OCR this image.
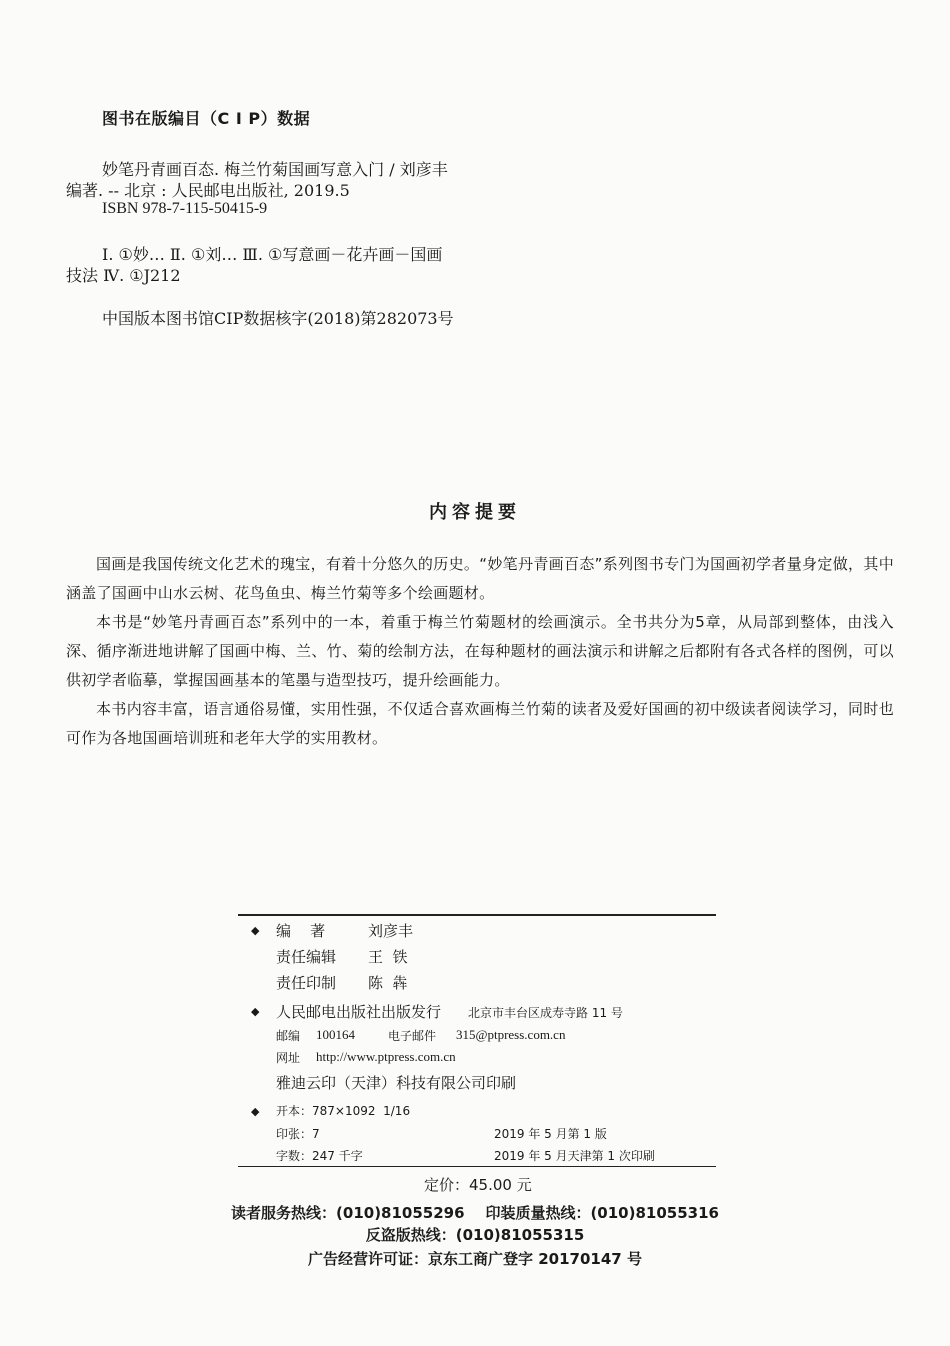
图书在版编目（C I P）数据
妙笔丹青画百态. 梅兰竹菊国画写意入门 / 刘彦丰
编著. -- 北京 : 人民邮电出版社, 2019.5
ISBN 978-7-115-50415-9
Ⅰ. ①妙… Ⅱ. ①刘… Ⅲ. ①写意画－花卉画－国画
技法 Ⅳ. ①J212
中国版本图书馆CIP数据核字(2018)第282073号
内容提要

国画是我国传统文化艺术的瑰宝，有着十分悠久的历史。“妙笔丹青画百态”系列图书专门为国画初学者量身定做，其中涵盖了国画中山水云树、花鸟鱼虫、梅兰竹菊等多个绘画题材。

本书是“妙笔丹青画百态”系列中的一本，着重于梅兰竹菊题材的绘画演示。全书共分为5章，从局部到整体，由浅入深、循序渐进地讲解了国画中梅、兰、竹、菊的绘制方法，在每种题材的画法演示和讲解之后都附有各式各样的图例，可以供初学者临摹，掌握国画基本的笔墨与造型技巧，提升绘画能力。

本书内容丰富，语言通俗易懂，实用性强，不仅适合喜欢画梅兰竹菊的读者及爱好国画的初中级读者阅读学习，同时也可作为各地国画培训班和老年大学的实用教材。

◆ 编    著	刘彦丰
责任编辑 王  铁
责任印制 陈  犇
◆ 人民邮电出版社出版发行 北京市丰台区成寿寺路 11 号
邮编 100164	电子邮件 315@ptpress.com.cn
网址 http://www.ptpress.com.cn
雅迪云印（天津）科技有限公司印刷
◆ 开本：787×1092  1/16
印张：7	2019 年 5 月第 1 版
字数：247 千字	2019 年 5 月天津第 1 次印刷
定价：45.00 元
读者服务热线：(010)81055296    印装质量热线：(010)81055316
反盗版热线：(010)81055315
广告经营许可证：京东工商广登字 20170147 号
